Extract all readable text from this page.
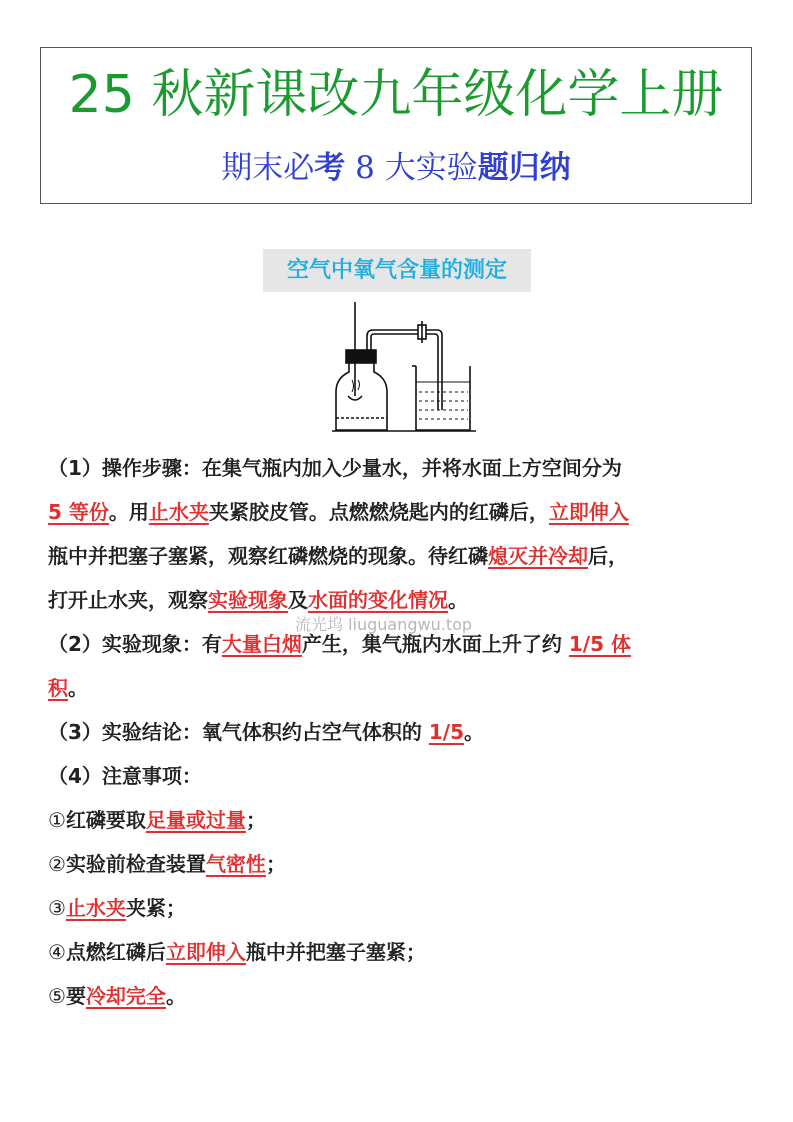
25 秋新课改九年级化学上册
期末必考 8 大实验题归纳
空气中氧气含量的测定
（1）操作步骤：在集气瓶内加入少量水，并将水面上方空间分为
5 等份。用止水夹夹紧胶皮管。点燃燃烧匙内的红磷后，立即伸入
瓶中并把塞子塞紧，观察红磷燃烧的现象。待红磷熄灭并冷却后，
打开止水夹，观察实验现象及水面的变化情况。
（2）实验现象：有大量白烟产生，集气瓶内水面上升了约 1/5 体
积。
（3）实验结论：氧气体积约占空气体积的 1/5。
（4）注意事项：
①红磷要取足量或过量；
②实验前检查装置气密性；
③止水夹夹紧；
④点燃红磷后立即伸入瓶中并把塞子塞紧；
⑤要冷却完全。
流光坞 liuguangwu.top
